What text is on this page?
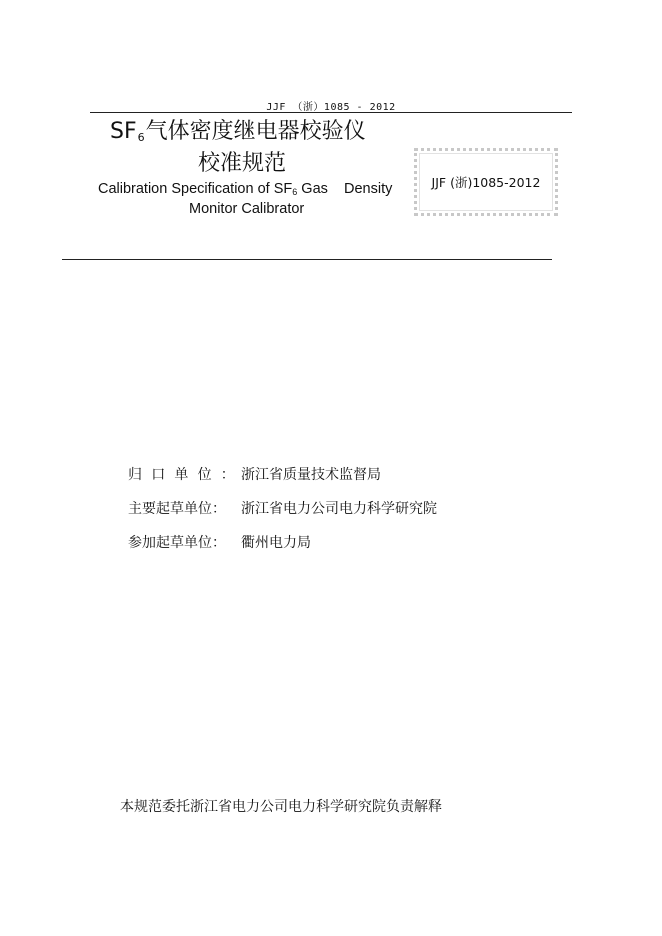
JJF （浙）1085 - 2012
$SF_6$气体密度继电器校验仪
校准规范
Calibration Specification of $SF_6$ Gas    Density
Monitor Calibrator
JJF (浙)1085-2012
归口单位：浙江省质量技术监督局
主要起草单位： 浙江省电力公司电力科学研究院
参加起草单位： 衢州电力局
本规范委托浙江省电力公司电力科学研究院负责解释
